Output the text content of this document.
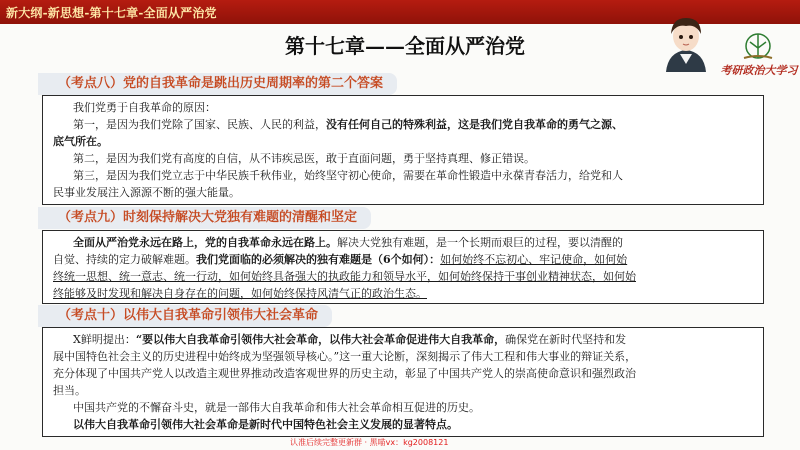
新大纲-新思想-第十七章-全面从严治党
第十七章——全面从严治党
考研政治大学习
（考点八）党的自我革命是跳出历史周期率的第二个答案
我们党勇于自我革命的原因：
第一，是因为我们党除了国家、民族、人民的利益，没有任何自己的特殊利益，这是我们党自我革命的勇气之源、
底气所在。
第二，是因为我们党有高度的自信，从不讳疾忌医，敢于直面问题，勇于坚持真理、修正错误。
第三，是因为我们党立志于中华民族千秋伟业，始终坚守初心使命，需要在革命性锻造中永葆青春活力，给党和人
民事业发展注入源源不断的强大能量。
（考点九）时刻保持解决大党独有难题的清醒和坚定
全面从严治党永远在路上，党的自我革命永远在路上。解决大党独有难题，是一个长期而艰巨的过程，要以清醒的
自觉、持续的定力破解难题。我们党面临的必须解决的独有难题是（6个如何）：如何始终不忘初心、牢记使命，如何始
终统一思想、统一意志、统一行动，如何始终具备强大的执政能力和领导水平，如何始终保持干事创业精神状态，如何始
终能够及时发现和解决自身存在的问题，如何始终保持风清气正的政治生态。
（考点十）以伟大自我革命引领伟大社会革命
X鲜明提出：“要以伟大自我革命引领伟大社会革命，以伟大社会革命促进伟大自我革命，确保党在新时代坚持和发
展中国特色社会主义的历史进程中始终成为坚强领导核心。”这一重大论断，深刻揭示了伟大工程和伟大事业的辩证关系，
充分体现了中国共产党人以改造主观世界推动改造客观世界的历史主动，彰显了中国共产党人的崇高使命意识和强烈政治
担当。
中国共产党的不懈奋斗史，就是一部伟大自我革命和伟大社会革命相互促进的历史。
以伟大自我革命引领伟大社会革命是新时代中国特色社会主义发展的显著特点。
认准后续完整更新群 · 黑喵vx：kg2008121
